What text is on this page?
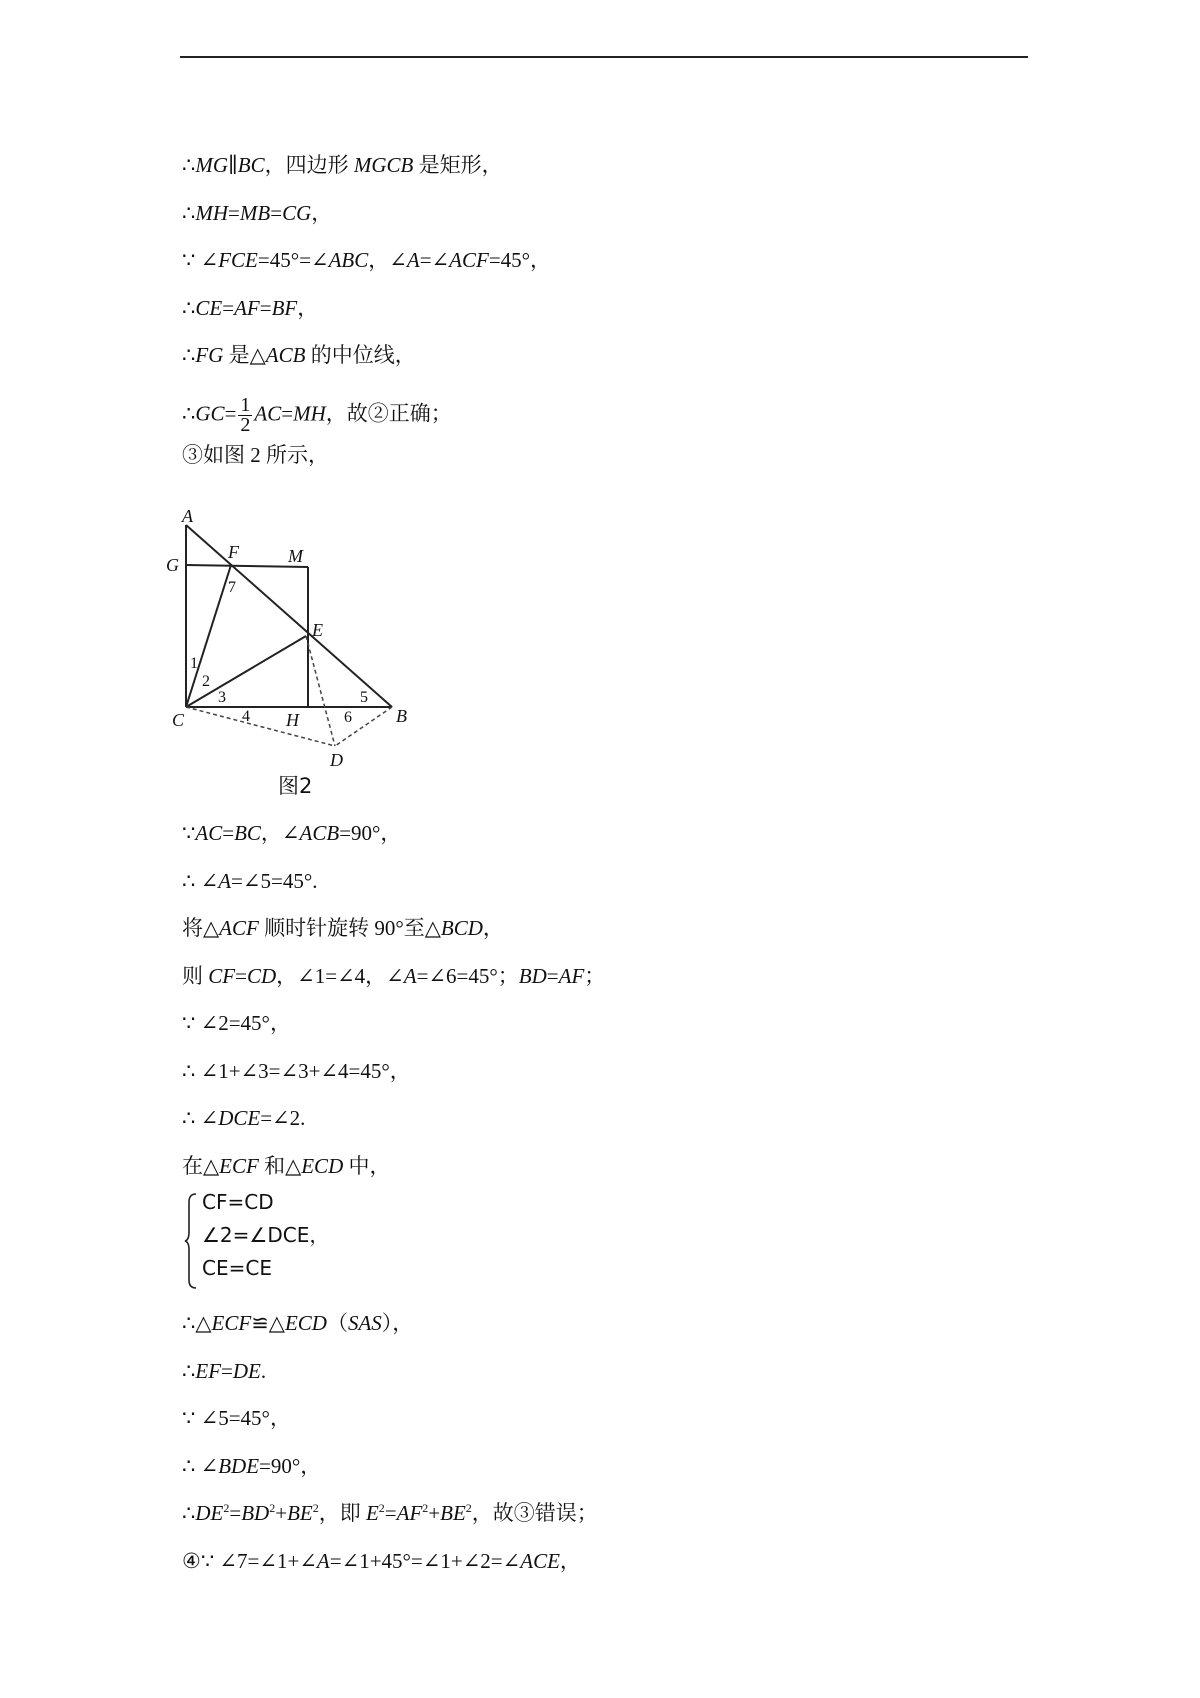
∴MG∥BC，四边形 MGCB 是矩形，
∴MH=MB=CG，
∵ ∠FCE=45°=∠ABC，∠A=∠ACF=45°，
∴CE=AF=BF，
∴FG 是△ACB 的中位线，
∴GC= $\frac{1}{2} AC=MH$，故②正确；
③如图 2 所示，
∵AC=BC，∠ACB=90°，
∴ ∠A=∠5=45°.
将△ACF 顺时针旋转 90°至△BCD，
则 CF=CD，∠1=∠4，∠A=∠6=45°；BD=AF；
∵ ∠2=45°，
∴ ∠1+∠3=∠3+∠4=45°，
∴ ∠DCE=∠2.
在△ECF 和△ECD 中，
∴△ECF≌△ECD（SAS），
∴EF=DE.
∵ ∠5=45°，
∴ ∠BDE=90°，
$\therefore DE^2=BD^2+BE^2$，即 $E^2=AF^2+BE^2$，故③错误；
④∵ ∠7=∠1+∠A=∠1+45°=∠1+∠2=∠ACE，
A
F	M
G
E
C	H	B
D
7
1
2
3
4
5
6
图2
CF=CD
∠2=∠DCE，
CE=CE
